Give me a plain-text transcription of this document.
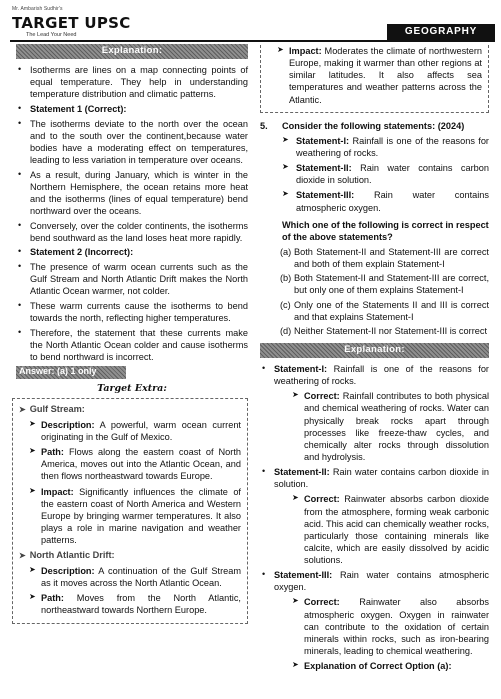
Mr. Ambarish Sudhir's
TARGET UPSC
The Lead Your Need	GEOGRAPHY
Explanation:
• Isotherms are lines on a map connecting points of equal temperature. They help in understanding temperature distribution and climatic patterns.
• Statement 1 (Correct):
• The isotherms deviate to the north over the ocean and to the south over the continent,because water bodies have a moderating effect on temperatures, leading to less variation in temperature over oceans.
• As a result, during January, which is winter in the Northern Hemisphere, the ocean retains more heat and the isotherms (lines of equal temperature) bend northward over the oceans.
• Conversely, over the colder continents, the isotherms bend southward as the land loses heat more rapidly.
• Statement 2 (Incorrect):
• The presence of warm ocean currents such as the Gulf Stream and North Atlantic Drift makes the North Atlantic Ocean warmer, not colder.
• These warm currents cause the isotherms to bend towards the north, reflecting higher temperatures.
• Therefore, the statement that these currents make the North Atlantic Ocean colder and cause isotherms to bend northward is incorrect.
Answer: (a) 1 only
Target Extra:
➤ Gulf Stream:
➤ Description: A powerful, warm ocean current originating in the Gulf of Mexico.
➤ Path: Flows along the eastern coast of North America, moves out into the Atlantic Ocean, and then flows northeastward towards Europe.
➤ Impact: Significantly influences the climate of the eastern coast of North America and Western Europe by bringing warmer temperatures. It also plays a role in marine navigation and weather patterns.
➤ North Atlantic Drift:
➤ Description: A continuation of the Gulf Stream as it moves across the North Atlantic Ocean.
➤ Path: Moves from the North Atlantic, northeastward towards Northern Europe.
➤ Impact: Moderates the climate of northwestern Europe, making it warmer than other regions at similar latitudes. It also affects sea temperatures and weather patterns across the Atlantic.
5. Consider the following statements: (2024)
➤ Statement-I: Rainfall is one of the reasons for weathering of rocks.
➤ Statement-II: Rain water contains carbon dioxide in solution.
➤ Statement-III: Rain water contains atmospheric oxygen.
Which one of the following is correct in respect of the above statements?
(a) Both Statement-II and Statement-III are correct and both of them explain Statement-I
(b) Both Statement-II and Statement-III are correct, but only one of them explains Statement-I
(c) Only one of the Statements II and III is correct and that explains Statement-I
(d) Neither Statement-II nor Statement-III is correct
Explanation:
• Statement-I: Rainfall is one of the reasons for weathering of rocks.
➤ Correct: Rainfall contributes to both physical and chemical weathering of rocks. Water can physically break rocks apart through processes like freeze-thaw cycles, and chemically alter rocks through dissolution and hydrolysis.
• Statement-II: Rain water contains carbon dioxide in solution.
➤ Correct: Rainwater absorbs carbon dioxide from the atmosphere, forming weak carbonic acid. This acid can chemically weather rocks, particularly those containing minerals like calcite, which are easily dissolved by acidic solutions.
• Statement-III: Rain water contains atmospheric oxygen.
➤ Correct: Rainwater also absorbs atmospheric oxygen. Oxygen in rainwater can contribute to the oxidation of certain minerals within rocks, such as iron-bearing minerals, leading to chemical weathering.
➤ Explanation of Correct Option (a):
